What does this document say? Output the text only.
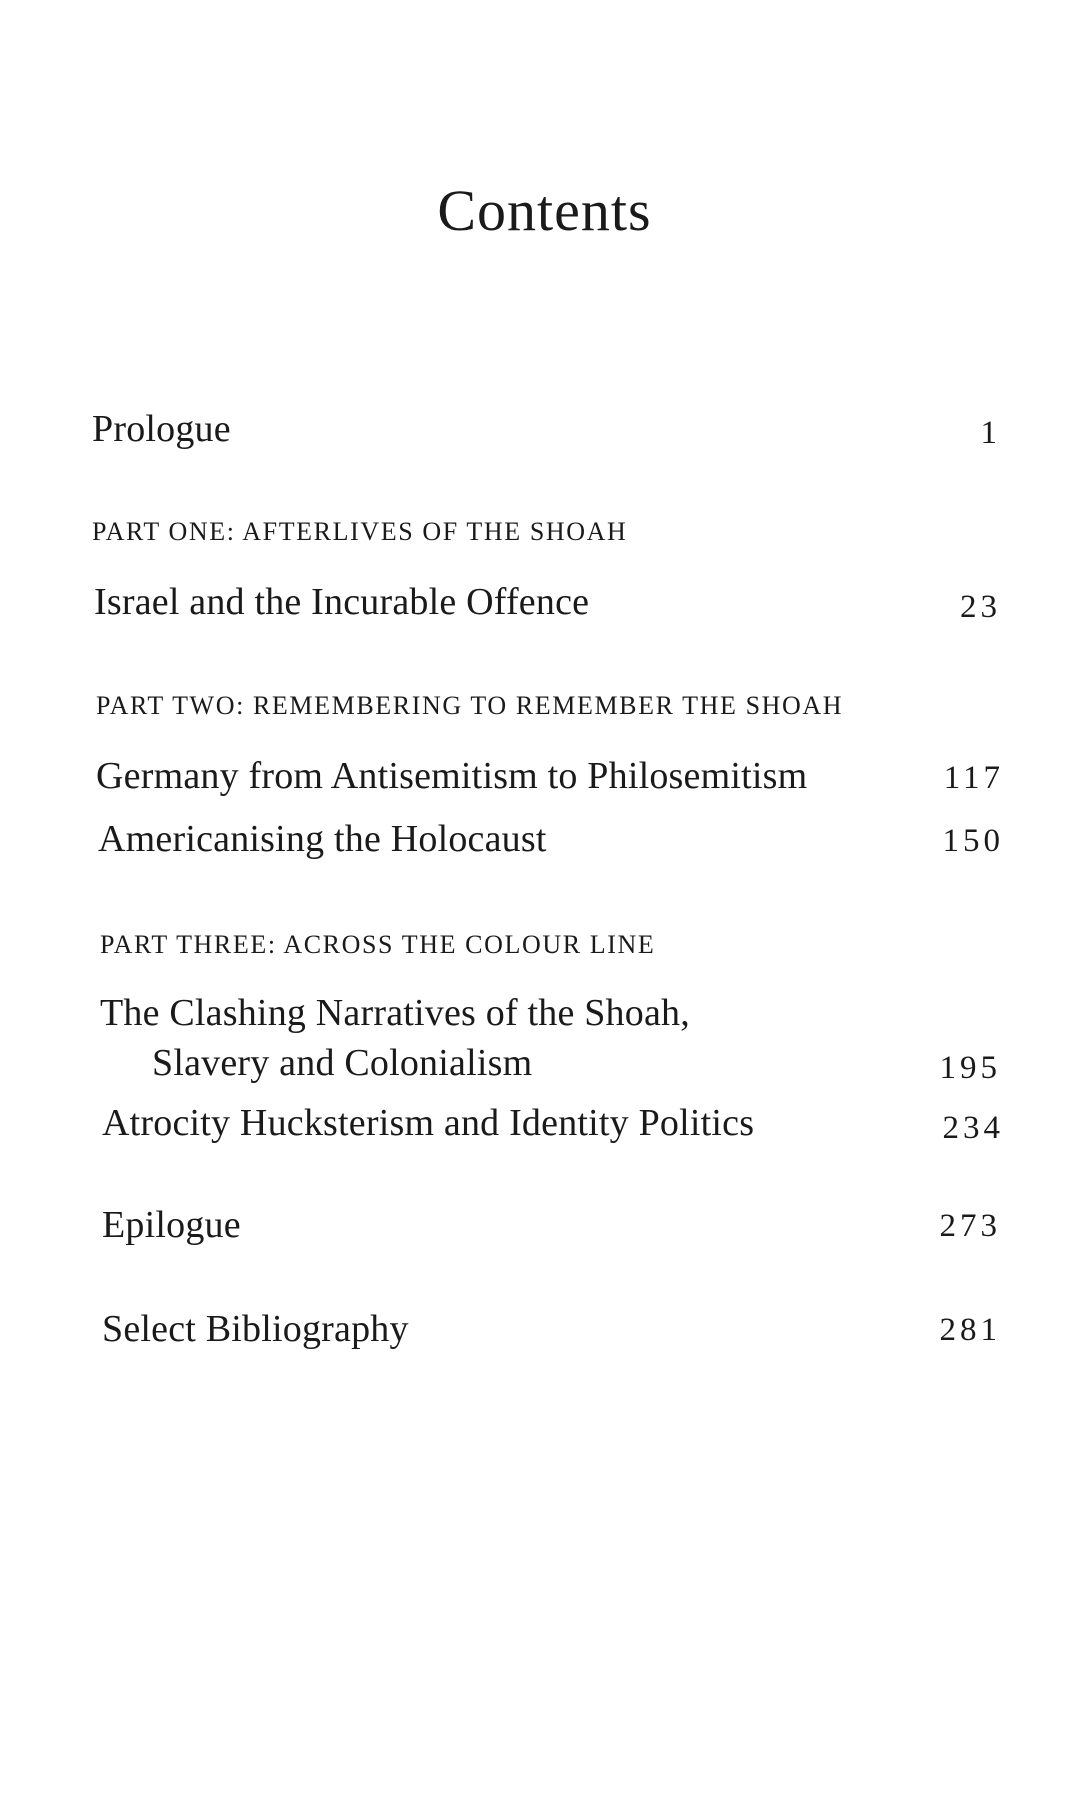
Contents
Prologue	1
PART ONE: AFTERLIVES OF THE SHOAH
Israel and the Incurable Offence	23
PART TWO: REMEMBERING TO REMEMBER THE SHOAH
Germany from Antisemitism to Philosemitism	117
Americanising the Holocaust	150
PART THREE: ACROSS THE COLOUR LINE
The Clashing Narratives of the Shoah,
Slavery and Colonialism	195
Atrocity Hucksterism and Identity Politics	234
Epilogue	273
Select Bibliography	281
